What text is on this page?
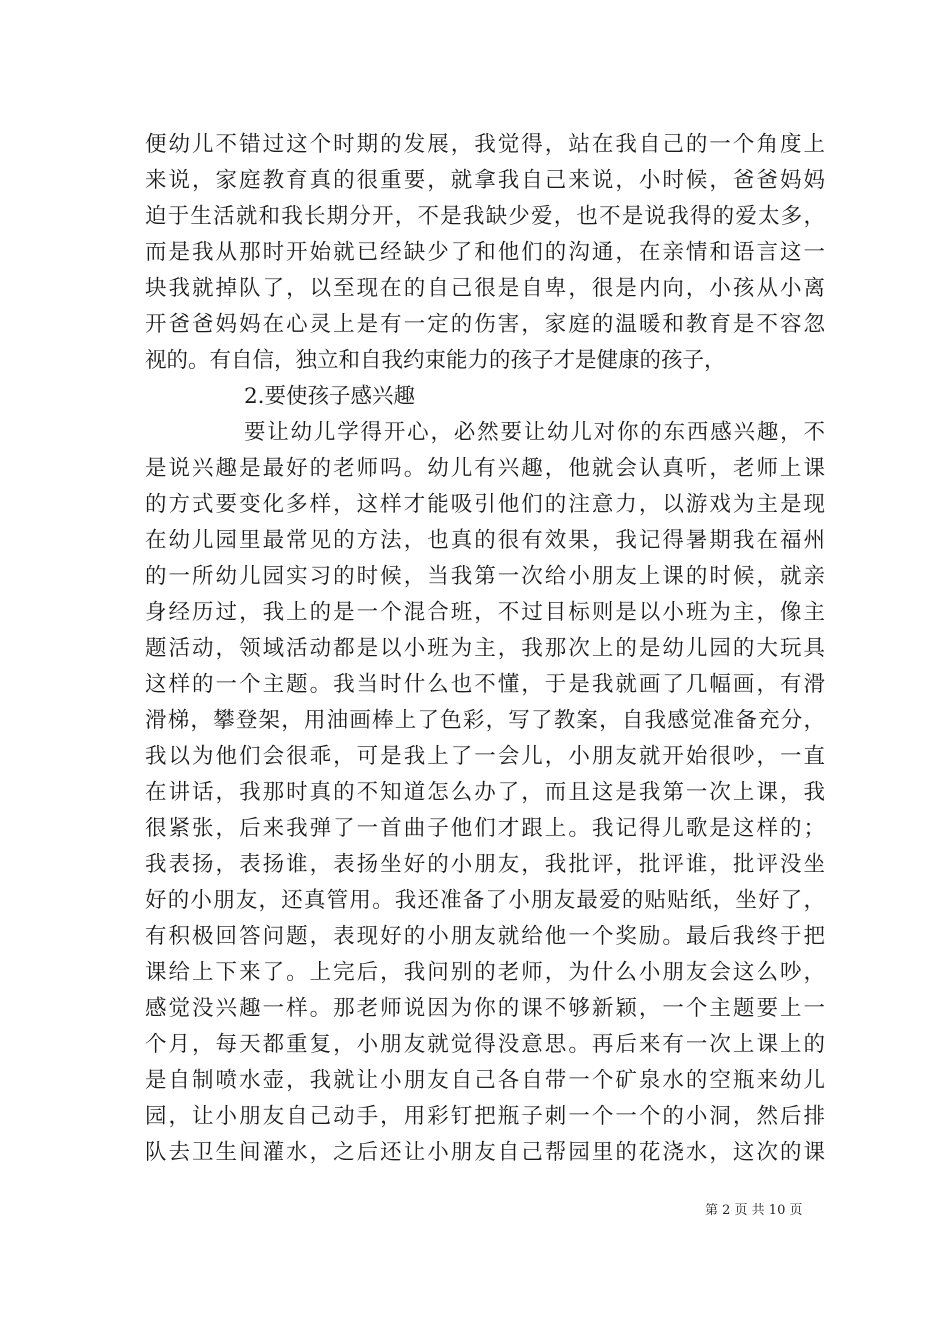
便幼儿不错过这个时期的发展，我觉得，站在我自己的一个角度上
来说，家庭教育真的很重要，就拿我自己来说，小时候，爸爸妈妈
迫于生活就和我长期分开，不是我缺少爱，也不是说我得的爱太多，
而是我从那时开始就已经缺少了和他们的沟通，在亲情和语言这一
块我就掉队了，以至现在的自己很是自卑，很是内向，小孩从小离
开爸爸妈妈在心灵上是有一定的伤害，家庭的温暖和教育是不容忽
视的。有自信，独立和自我约束能力的孩子才是健康的孩子，
2.要使孩子感兴趣
要让幼儿学得开心，必然要让幼儿对你的东西感兴趣，不
是说兴趣是最好的老师吗。幼儿有兴趣，他就会认真听，老师上课
的方式要变化多样，这样才能吸引他们的注意力，以游戏为主是现
在幼儿园里最常见的方法，也真的很有效果，我记得暑期我在福州
的一所幼儿园实习的时候，当我第一次给小朋友上课的时候，就亲
身经历过，我上的是一个混合班，不过目标则是以小班为主，像主
题活动，领域活动都是以小班为主，我那次上的是幼儿园的大玩具
这样的一个主题。我当时什么也不懂，于是我就画了几幅画，有滑
滑梯，攀登架，用油画棒上了色彩，写了教案，自我感觉准备充分，
我以为他们会很乖，可是我上了一会儿，小朋友就开始很吵，一直
在讲话，我那时真的不知道怎么办了，而且这是我第一次上课，我
很紧张，后来我弹了一首曲子他们才跟上。我记得儿歌是这样的；
我表扬，表扬谁，表扬坐好的小朋友，我批评，批评谁，批评没坐
好的小朋友，还真管用。我还准备了小朋友最爱的贴贴纸，坐好了，
有积极回答问题，表现好的小朋友就给他一个奖励。最后我终于把
课给上下来了。上完后，我问别的老师，为什么小朋友会这么吵，
感觉没兴趣一样。那老师说因为你的课不够新颖，一个主题要上一
个月，每天都重复，小朋友就觉得没意思。再后来有一次上课上的
是自制喷水壶，我就让小朋友自己各自带一个矿泉水的空瓶来幼儿
园，让小朋友自己动手，用彩钉把瓶子刺一个一个的小洞，然后排
队去卫生间灌水，之后还让小朋友自己帮园里的花浇水，这次的课
第 2 页 共 10 页
